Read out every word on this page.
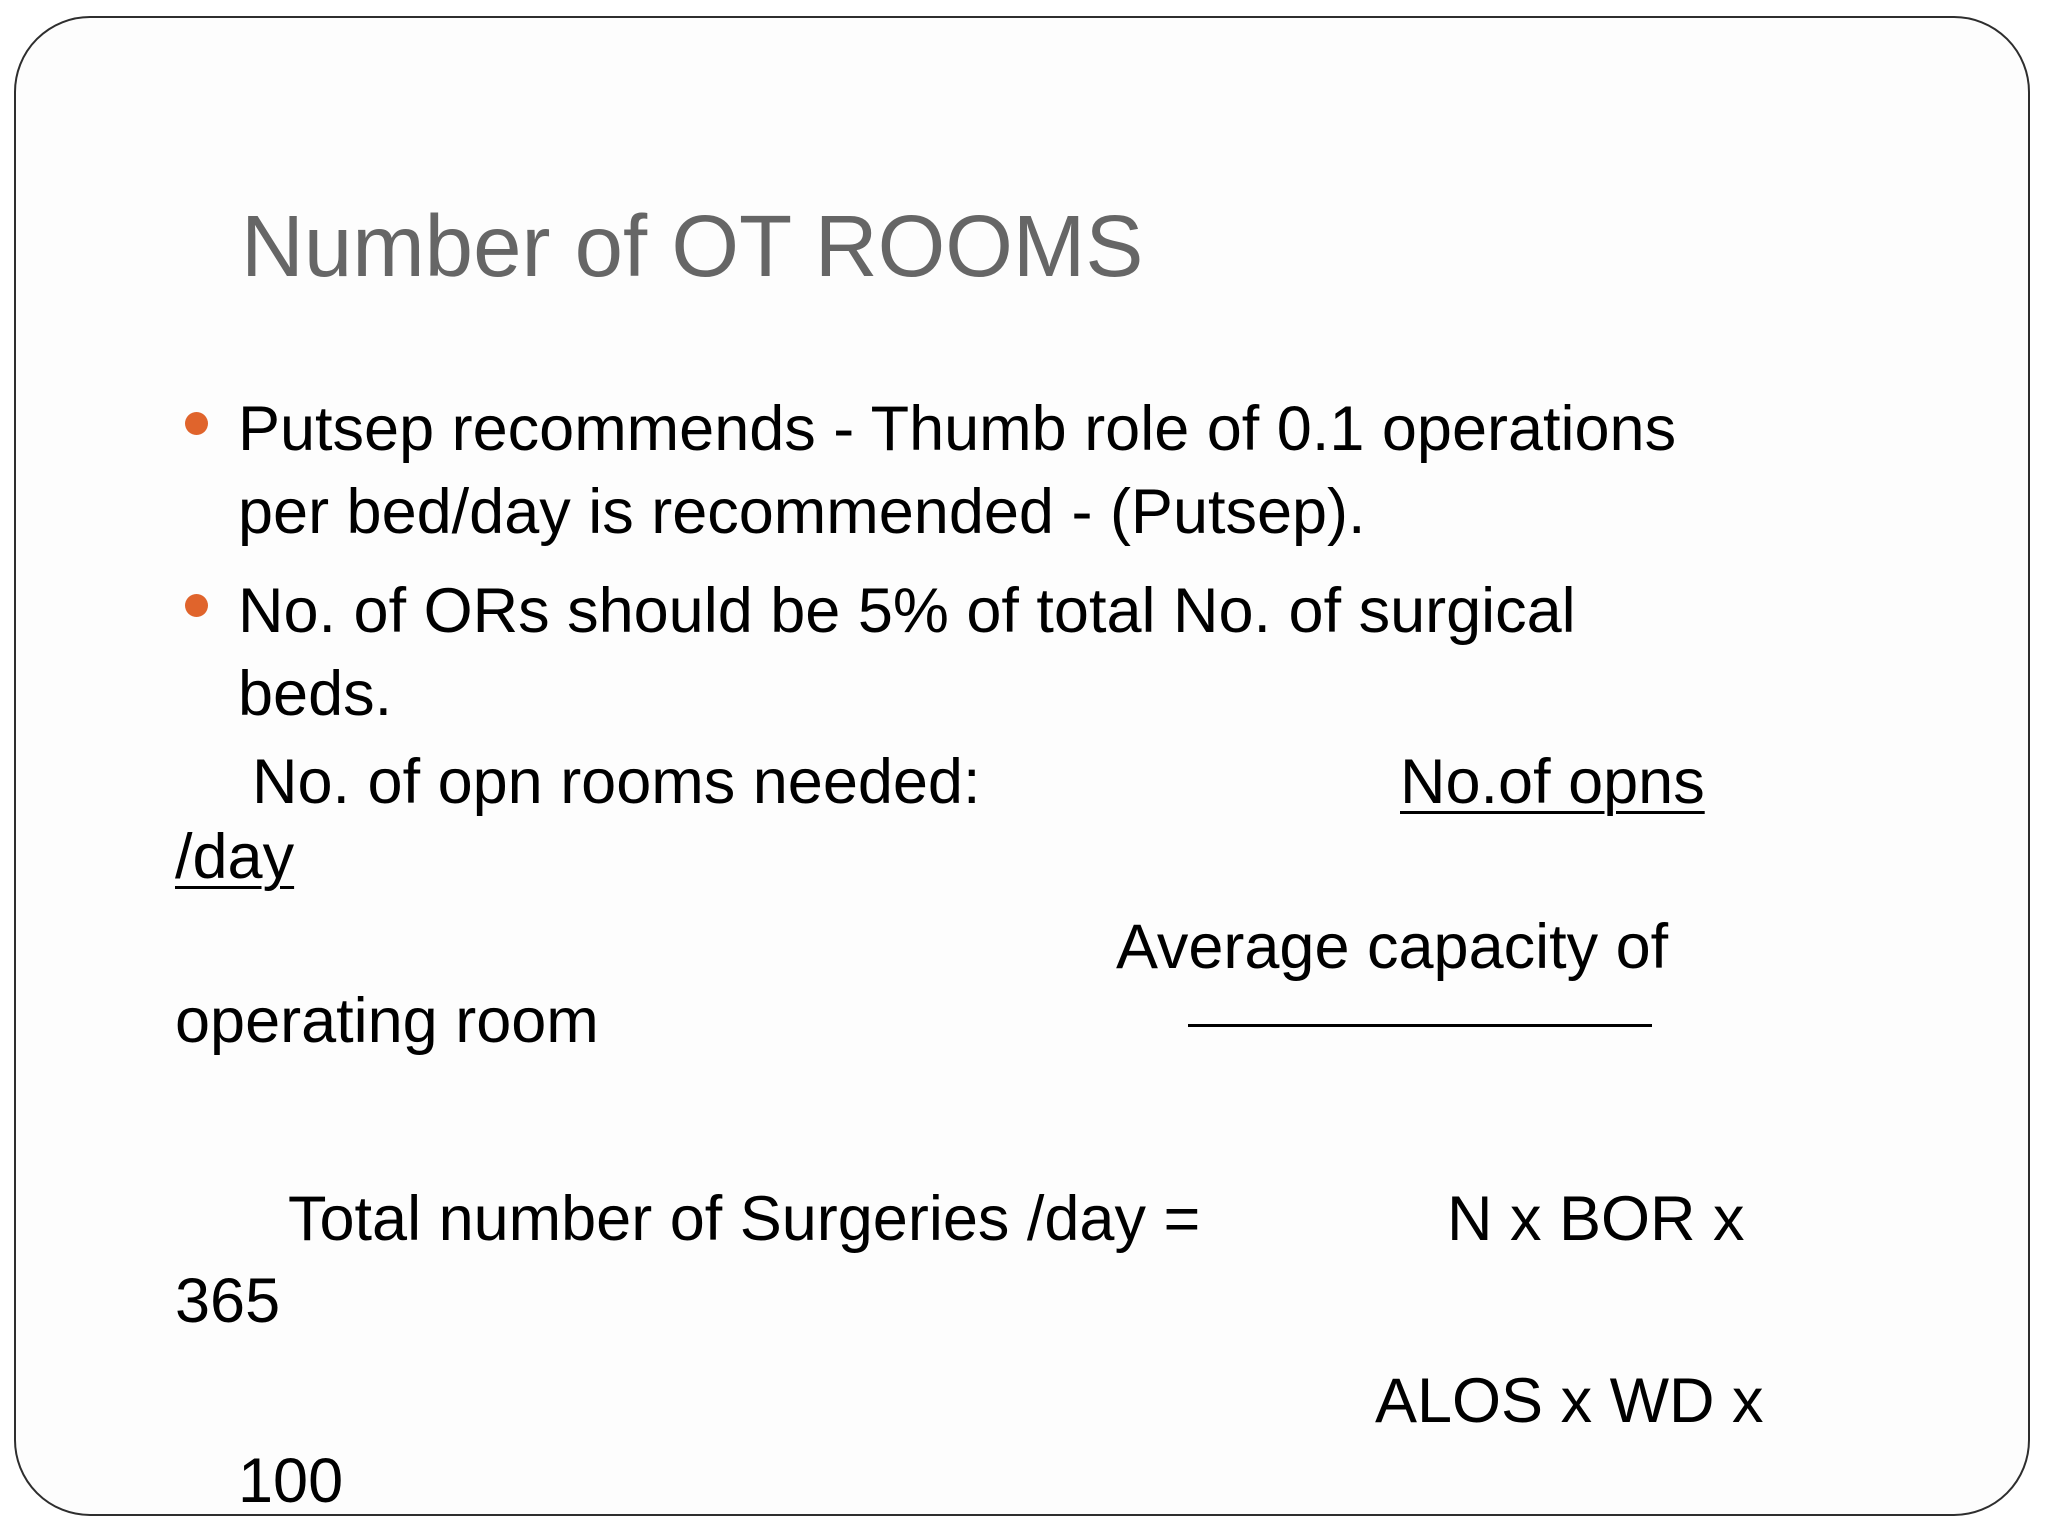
Number of OT ROOMS
Putsep recommends - Thumb role of 0.1 operations
per bed/day is recommended - (Putsep).
No. of ORs should be 5% of total No. of surgical
beds.
No. of opn rooms needed:	No.of opns
/day
Average capacity of
operating room
Total number of Surgeries /day =	N x BOR x
365
ALOS x WD x
100
